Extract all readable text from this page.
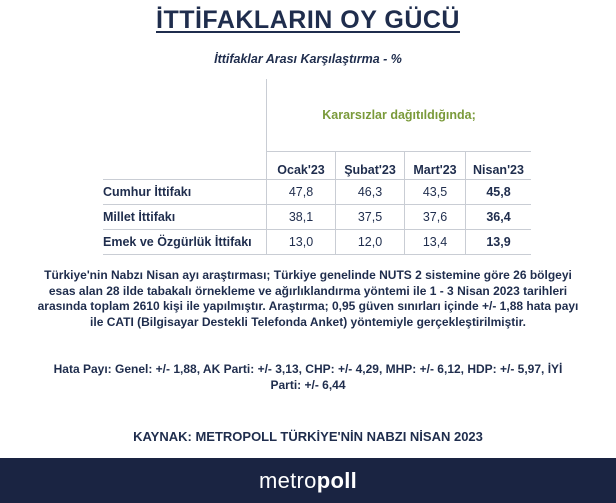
İTTİFAKLARIN OY GÜCÜ
İttifaklar Arası Karşılaştırma - %
	Kararsızlar dağıtıldığında;			
	Ocak'23	Şubat'23	Mart'23	Nisan'23
Cumhur İttifakı	47,8	46,3	43,5	45,8
Millet İttifakı	38,1	37,5	37,6	36,4
Emek ve Özgürlük İttifakı	13,0	12,0	13,4	13,9
Türkiye'nin Nabzı Nisan ayı araştırması; Türkiye genelinde NUTS 2 sistemine göre 26 bölgeyi esas alan 28 ilde tabakalı örnekleme ve ağırlıklandırma yöntemi ile 1 - 3 Nisan 2023 tarihleri arasında toplam 2610 kişi ile yapılmıştır. Araştırma; 0,95 güven sınırları içinde +/- 1,88 hata payı ile CATI (Bilgisayar Destekli Telefonda Anket) yöntemiyle gerçekleştirilmiştir.
Hata Payı: Genel: +/- 1,88, AK Parti: +/- 3,13, CHP: +/- 4,29, MHP: +/- 6,12, HDP: +/- 5,97, İYİ Parti: +/- 6,44
KAYNAK: METROPOLL TÜRKİYE'NİN NABZI NİSAN 2023
metropoll
